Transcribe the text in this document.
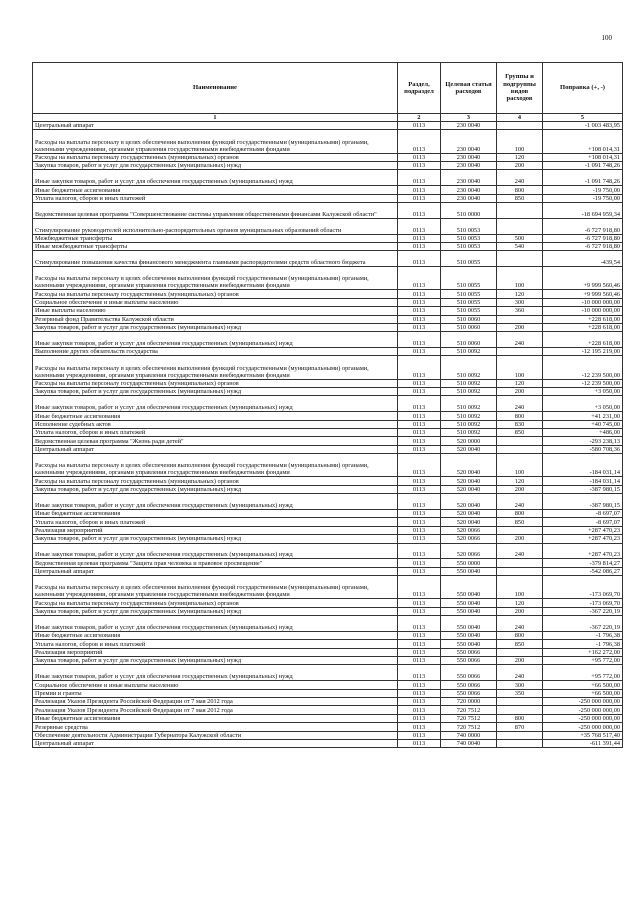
100
Наименование	Раздел, подраздел	Целевая статья расходов	Группы и подгруппы видов расходов	Поправка (+, -)
1	2	3	4	5
Центральный аппарат	0113	230 0040		-1 003 483,95
Расходы на выплаты персоналу в целях обеспечения выполнения функций государственными (муниципальными) органами, казенными учреждениями, органами управления государственными внебюджетными фондами	0113	230 0040	100	+108 014,31
Расходы на выплаты персоналу государственных (муниципальных) органов	0113	230 0040	120	+108 014,31
Закупка товаров, работ и услуг для государственных (муниципальных) нужд	0113	230 0040	200	-1 091 748,26
Иные закупки товаров, работ и услуг для обеспечения государственных (муниципальных) нужд	0113	230 0040	240	-1 091 748,26
Иные бюджетные ассигнования	0113	230 0040	800	-19 750,00
Уплата налогов, сборов и иных платежей	0113	230 0040	850	-19 750,00
Ведомственная целевая программа "Совершенствование системы управления общественными финансами Калужской области"	0113	510 0000		-18 694 959,34
Стимулирование руководителей исполнительно-распорядительных органов муниципальных образований области	0113	510 0053		-6 727 918,80
Межбюджетные трансферты	0113	510 0053	500	-6 727 918,80
Иные межбюджетные трансферты	0113	510 0053	540	-6 727 918,80
Стимулирование повышения качества финансового менеджмента главными распорядителями средств областного бюджета	0113	510 0055		-439,54
Расходы на выплаты персоналу в целях обеспечения выполнения функций государственными (муниципальными) органами, казенными учреждениями, органами управления государственными внебюджетными фондами	0113	510 0055	100	+9 999 560,46
Расходы на выплаты персоналу государственных (муниципальных) органов	0113	510 0055	120	+9 999 560,46
Социальное обеспечение и иные выплаты населению	0113	510 0055	300	-10 000 000,00
Иные выплаты населению	0113	510 0055	360	-10 000 000,00
Резервный фонд Правительства Калужской области	0113	510 0060		+228 618,00
Закупка товаров, работ и услуг для государственных (муниципальных) нужд	0113	510 0060	200	+228 618,00
Иные закупки товаров, работ и услуг для обеспечения государственных (муниципальных) нужд	0113	510 0060	240	+228 618,00
Выполнение других обязательств государства	0113	510 0092		-12 195 219,00
Расходы на выплаты персоналу в целях обеспечения выполнения функций государственными (муниципальными) органами, казенными учреждениями, органами управления государственными внебюджетными фондами	0113	510 0092	100	-12 239 500,00
Расходы на выплаты персоналу государственных (муниципальных) органов	0113	510 0092	120	-12 239 500,00
Закупка товаров, работ и услуг для государственных (муниципальных) нужд	0113	510 0092	200	+3 050,00
Иные закупки товаров, работ и услуг для обеспечения государственных (муниципальных) нужд	0113	510 0092	240	+3 050,00
Иные бюджетные ассигнования	0113	510 0092	800	+41 231,00
Исполнение судебных актов	0113	510 0092	830	+40 745,00
Уплата налогов, сборов и иных платежей	0113	510 0092	850	+486,00
Ведомственная целевая программа "Жизнь ради детей"	0113	520 0000		-293 238,13
Центральный аппарат	0113	520 0040		-580 708,36
Расходы на выплаты персоналу в целях обеспечения выполнения функций государственными (муниципальными) органами, казенными учреждениями, органами управления государственными внебюджетными фондами	0113	520 0040	100	-184 031,14
Расходы на выплаты персоналу государственных (муниципальных) органов	0113	520 0040	120	-184 031,14
Закупка товаров, работ и услуг для государственных (муниципальных) нужд	0113	520 0040	200	-387 980,15
Иные закупки товаров, работ и услуг для обеспечения государственных (муниципальных) нужд	0113	520 0040	240	-387 980,15
Иные бюджетные ассигнования	0113	520 0040	800	-8 697,07
Уплата налогов, сборов и иных платежей	0113	520 0040	850	-8 697,07
Реализация мероприятий	0113	520 0066		+287 470,23
Закупка товаров, работ и услуг для государственных (муниципальных) нужд	0113	520 0066	200	+287 470,23
Иные закупки товаров, работ и услуг для обеспечения государственных (муниципальных) нужд	0113	520 0066	240	+287 470,23
Ведомственная целевая программа "Защита прав человека и правовое просвещение"	0113	550 0000		-379 814,27
Центральный аппарат	0113	550 0040		-542 086,27
Расходы на выплаты персоналу в целях обеспечения выполнения функций государственными (муниципальными) органами, казенными учреждениями, органами управления государственными внебюджетными фондами	0113	550 0040	100	-173 069,70
Расходы на выплаты персоналу государственных (муниципальных) органов	0113	550 0040	120	-173 069,70
Закупка товаров, работ и услуг для государственных (муниципальных) нужд	0113	550 0040	200	-367 220,19
Иные закупки товаров, работ и услуг для обеспечения государственных (муниципальных) нужд	0113	550 0040	240	-367 220,19
Иные бюджетные ассигнования	0113	550 0040	800	-1 796,38
Уплата налогов, сборов и иных платежей	0113	550 0040	850	-1 796,38
Реализация мероприятий	0113	550 0066		+162 272,00
Закупка товаров, работ и услуг для государственных (муниципальных) нужд	0113	550 0066	200	+95 772,00
Иные закупки товаров, работ и услуг для обеспечения государственных (муниципальных) нужд	0113	550 0066	240	+95 772,00
Социальное обеспечение и иные выплаты населению	0113	550 0066	300	+66 500,00
Премии и гранты	0113	550 0066	350	+66 500,00
Реализация Указов Президента Российской Федерации от 7 мая 2012 года	0113	720 0000		-250 000 000,00
Реализация Указов Президента Российской Федерации от 7 мая 2012 года	0113	720 7512		-250 000 000,00
Иные бюджетные ассигнования	0113	720 7512	800	-250 000 000,00
Резервные средства	0113	720 7512	870	-250 000 000,00
Обеспечение деятельности Администрации Губернатора Калужской области	0113	740 0000		+35 768 517,40
Центральный аппарат	0113	740 0040		-611 391,44
